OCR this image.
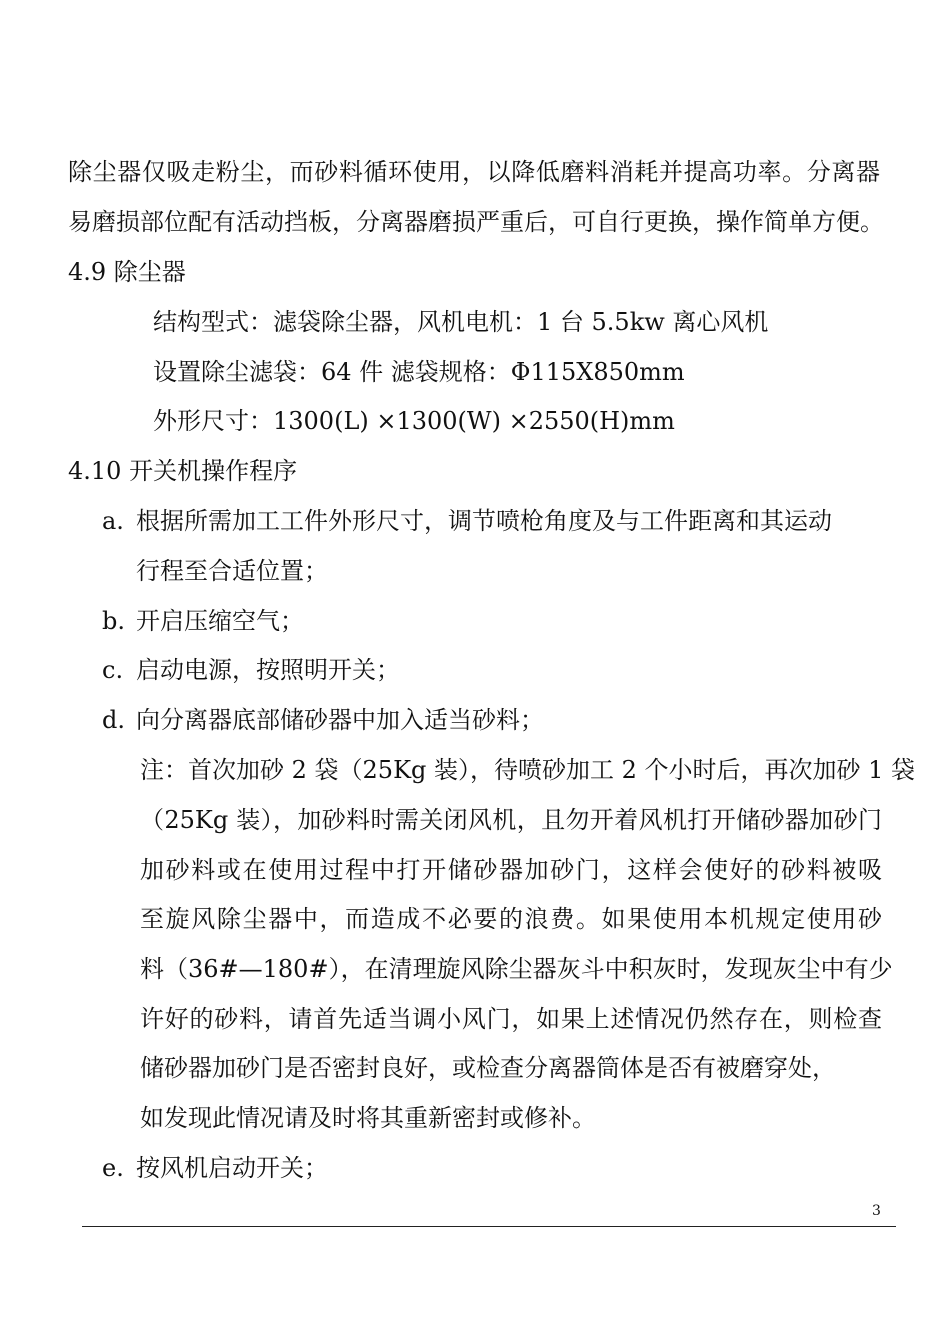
除尘器仅吸走粉尘，而砂料循环使用，以降低磨料消耗并提高功率。分离器
易磨损部位配有活动挡板，分离器磨损严重后，可自行更换，操作简单方便。
4.9 除尘器
结构型式：滤袋除尘器，风机电机：1 台 5.5kw 离心风机
设置除尘滤袋：64 件 滤袋规格：Φ115X850mm
外形尺寸：1300(L) ×1300(W) ×2550(H)mm
4.10 开关机操作程序
a. 根据所需加工工件外形尺寸，调节喷枪角度及与工件距离和其运动
行程至合适位置；
b. 开启压缩空气；
c. 启动电源，按照明开关；
d. 向分离器底部储砂器中加入适当砂料；
注：首次加砂 2 袋（25Kg 装），待喷砂加工 2 个小时后，再次加砂 1 袋
（25Kg 装），加砂料时需关闭风机，且勿开着风机打开储砂器加砂门
加砂料或在使用过程中打开储砂器加砂门，这样会使好的砂料被吸
至旋风除尘器中，而造成不必要的浪费。如果使用本机规定使用砂
料（36#—180#），在清理旋风除尘器灰斗中积灰时，发现灰尘中有少
许好的砂料，请首先适当调小风门，如果上述情况仍然存在，则检查
储砂器加砂门是否密封良好，或检查分离器筒体是否有被磨穿处，
如发现此情况请及时将其重新密封或修补。
e. 按风机启动开关；
3
